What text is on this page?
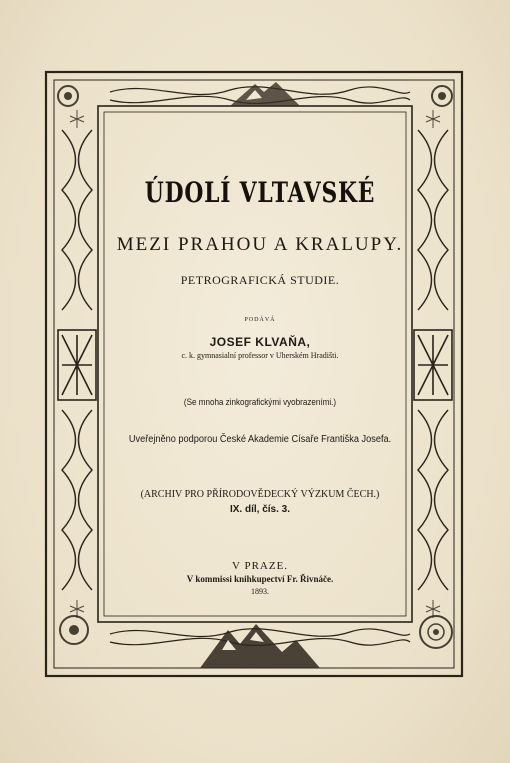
ÚDOLÍ VLTAVSKÉ
MEZI PRAHOU A KRALUPY.
PETROGRAFICKÁ STUDIE.
PODÁVÁ
JOSEF KLVAŇA,
c. k. gymnasialní professor v Uherském Hradišti.
(Se mnoha zinkografickými vyobrazeními.)
Uveřejněno podporou České Akademie Císaře Františka Josefa.
(ARCHIV PRO PŘÍRODOVĚDECKÝ VÝZKUM ČECH.)
IX. díl, čís. 3.
V PRAZE.
V kommissi knihkupectví Fr. Řivnáče.
1893.
